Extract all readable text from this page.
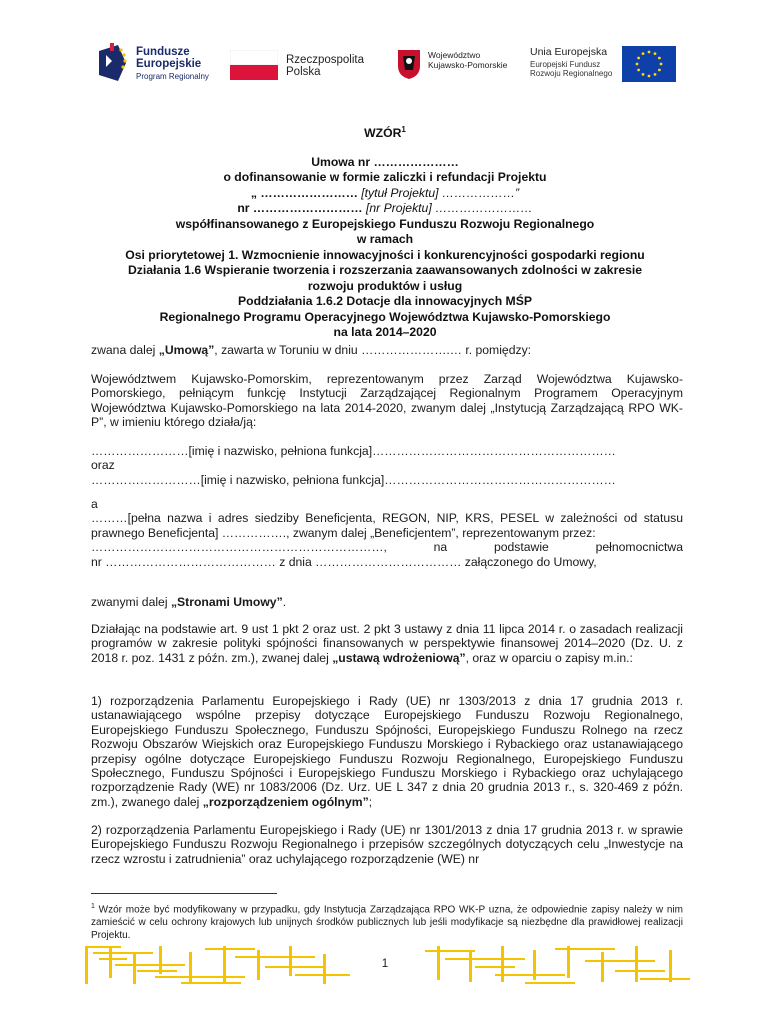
Fundusze
Europejskie
Program Regionalny
Rzeczpospolita
Polska
Województwo
Kujawsko-Pomorskie
Unia Europejska
Europejski Fundusz
Rozwoju Regionalnego
WZÓR$^1$
Umowa nr …………………
o dofinansowanie w formie zaliczki i refundacji Projektu
„ …………………… [tytuł Projektu] ………………”
nr ……………………… [nr Projektu] ……………………
współfinansowanego z Europejskiego Funduszu Rozwoju Regionalnego
w ramach
Osi priorytetowej 1. Wzmocnienie innowacyjności i konkurencyjności gospodarki regionu
Działania 1.6 Wspieranie tworzenia i rozszerzania zaawansowanych zdolności w zakresie
rozwoju produktów i usług
Poddziałania 1.6.2 Dotacje dla innowacyjnych MŚP
Regionalnego Programu Operacyjnego Województwa Kujawsko-Pomorskiego
na lata 2014–2020

zwana dalej „Umową”, zawarta w Toruniu w dniu ………………….… r. pomiędzy:

Województwem Kujawsko-Pomorskim, reprezentowanym przez Zarząd Województwa Kujawsko-Pomorskiego, pełniącym funkcję Instytucji Zarządzającej Regionalnym Programem Operacyjnym Województwa Kujawsko-Pomorskiego na lata 2014-2020, zwanym dalej „Instytucją Zarządzającą RPO WK-P”, w imieniu którego działa/ją:

……………………[imię i nazwisko, pełniona funkcja]……………………………………………………

oraz

………………………[imię i nazwisko, pełniona funkcja]…………………………………………………

a

………[pełna nazwa i adres siedziby Beneficjenta, REGON, NIP, KRS, PESEL w zależności od statusu prawnego Beneficjenta] ……………., zwanym dalej „Beneficjentem”, reprezentowanym przez:

………………………………………………………………,	na	podstawie	pełnomocnictwa

nr …………………………………… z dnia ……………………………… załączonego do Umowy,

zwanymi dalej „Stronami Umowy”.

Działając na podstawie art. 9 ust 1 pkt 2 oraz ust. 2 pkt 3 ustawy z dnia 11 lipca 2014 r. o zasadach realizacji programów w zakresie polityki spójności finansowanych w perspektywie finansowej 2014–2020 (Dz. U. z 2018 r. poz. 1431 z późn. zm.), zwanej dalej „ustawą wdrożeniową”, oraz w oparciu o zapisy m.in.:

1) rozporządzenia Parlamentu Europejskiego i Rady (UE) nr 1303/2013 z dnia 17 grudnia 2013 r. ustanawiającego wspólne przepisy dotyczące Europejskiego Funduszu Rozwoju Regionalnego, Europejskiego Funduszu Społecznego, Funduszu Spójności, Europejskiego Funduszu Rolnego na rzecz Rozwoju Obszarów Wiejskich oraz Europejskiego Funduszu Morskiego i Rybackiego oraz ustanawiającego przepisy ogólne dotyczące Europejskiego Funduszu Rozwoju Regionalnego, Europejskiego Funduszu Społecznego, Funduszu Spójności i Europejskiego Funduszu Morskiego i Rybackiego oraz uchylającego rozporządzenie Rady (WE) nr 1083/2006 (Dz. Urz. UE L 347 z dnia 20 grudnia 2013 r., s. 320-469 z późn. zm.), zwanego dalej „rozporządzeniem ogólnym”;

2) rozporządzenia Parlamentu Europejskiego i Rady (UE) nr 1301/2013 z dnia 17 grudnia 2013 r. w sprawie Europejskiego Funduszu Rozwoju Regionalnego i przepisów szczególnych dotyczących celu „Inwestycje na rzecz wzrostu i zatrudnienia” oraz uchylającego rozporządzenie (WE) nr

$^1$ Wzór może być modyfikowany w przypadku, gdy Instytucja Zarządzająca RPO WK-P uzna, że odpowiednie zapisy należy w nim zamieścić w celu ochrony krajowych lub unijnych środków publicznych lub jeśli modyfikacje są niezbędne dla prawidłowej realizacji Projektu.
1
